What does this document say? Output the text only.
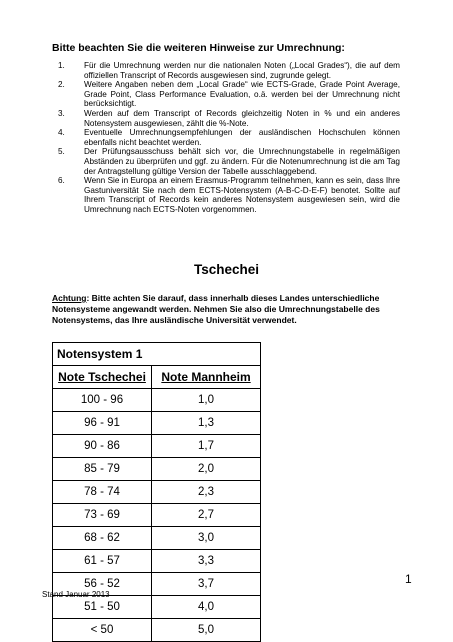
Bitte beachten Sie die weiteren Hinweise zur Umrechnung:
1. Für die Umrechnung werden nur die nationalen Noten („Local Grades“), die auf dem offiziellen Transcript of Records ausgewiesen sind, zugrunde gelegt.
2. Weitere Angaben neben dem „Local Grade“ wie ECTS-Grade, Grade Point Average, Grade Point, Class Performance Evaluation, o.ä. werden bei der Umrechnung nicht berücksichtigt.
3. Werden auf dem Transcript of Records gleichzeitig Noten in % und ein anderes Notensystem ausgewiesen, zählt die %-Note.
4. Eventuelle Umrechnungsempfehlungen der ausländischen Hochschulen können ebenfalls nicht beachtet werden.
5. Der Prüfungsausschuss behält sich vor, die Umrechnungstabelle in regelmäßigen Abständen zu überprüfen und ggf. zu ändern. Für die Notenumrechnung ist die am Tag der Antragstellung gültige Version der Tabelle ausschlaggebend.
6. Wenn Sie in Europa an einem Erasmus-Programm teilnehmen, kann es sein, dass Ihre Gastuniversität Sie nach dem ECTS-Notensystem (A-B-C-D-E-F) benotet. Sollte auf Ihrem Transcript of Records kein anderes Notensystem ausgewiesen sein, wird die Umrechnung nach ECTS-Noten vorgenommen.
Tschechei
Achtung: Bitte achten Sie darauf, dass innerhalb dieses Landes unterschiedliche Notensysteme angewandt werden. Nehmen Sie also die Umrechnungstabelle des Notensystems, das Ihre ausländische Universität verwendet.
Notensystem 1	
Note Tschechei	Note Mannheim
100 - 96	1,0
96 - 91	1,3
90 - 86	1,7
85 - 79	2,0
78 - 74	2,3
73 - 69	2,7
68 - 62	3,0
61 - 57	3,3
56 - 52	3,7
51 - 50	4,0
< 50	5,0
1
Stand Januar 2013
